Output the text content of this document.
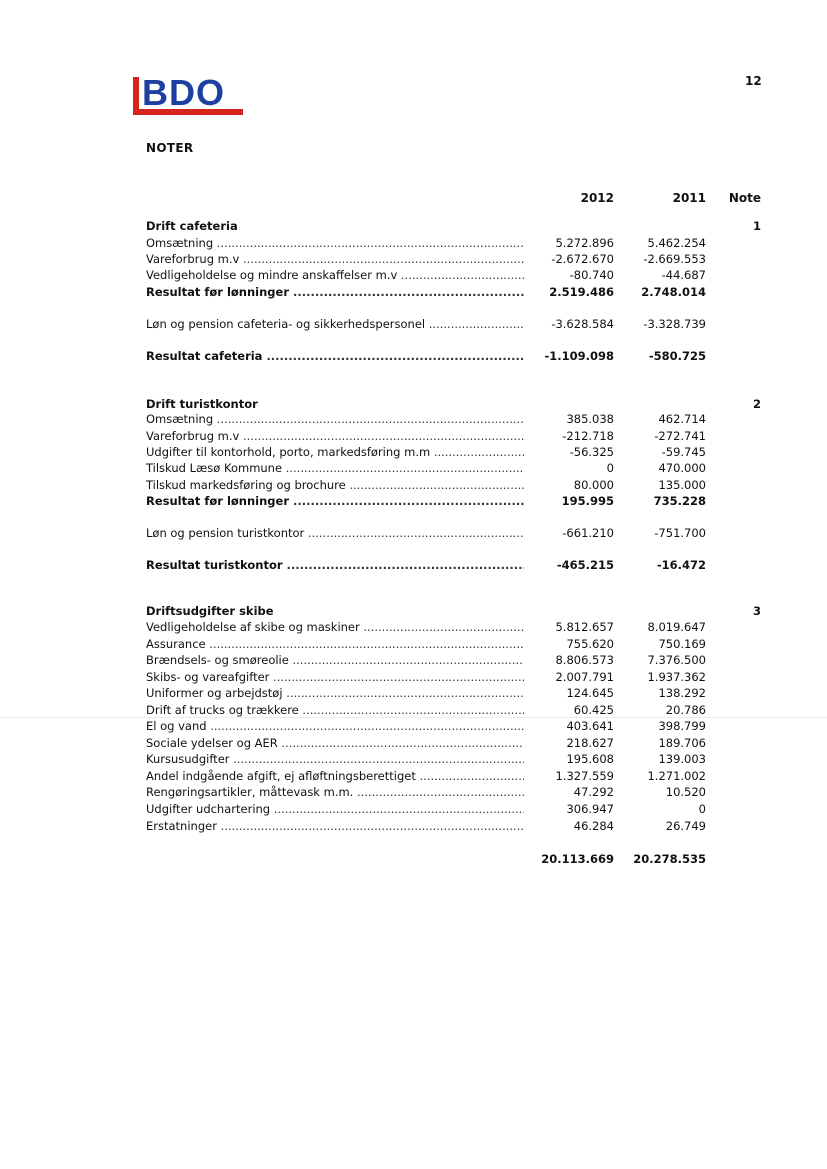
12
BDO
NOTER
2012	2011	Note
Drift cafeteria	1
Omsætning .....	5.272.896	5.462.254
Vareforbrug m.v .....	-2.672.670	-2.669.553
Vedligeholdelse og mindre anskaffelser m.v .....	-80.740	-44.687
Resultat før lønninger .....	2.519.486	2.748.014
Løn og pension cafeteria- og sikkerhedspersonel .....	-3.628.584	-3.328.739
Resultat cafeteria .....	-1.109.098	-580.725
Drift turistkontor	2
Omsætning .....	385.038	462.714
Vareforbrug m.v .....	-212.718	-272.741
Udgifter til kontorhold, porto, markedsføring m.m .....	-56.325	-59.745
Tilskud Læsø Kommune .....	0	470.000
Tilskud markedsføring og brochure .....	80.000	135.000
Resultat før lønninger .....	195.995	735.228
Løn og pension turistkontor .....	-661.210	-751.700
Resultat turistkontor .....	-465.215	-16.472
Driftsudgifter skibe	3
Vedligeholdelse af skibe og maskiner .....	5.812.657	8.019.647
Assurance .....	755.620	750.169
Brændsels- og smøreolie .....	8.806.573	7.376.500
Skibs- og vareafgifter .....	2.007.791	1.937.362
Uniformer og arbejdstøj .....	124.645	138.292
Drift af trucks og trækkere .....	60.425	20.786
El og vand .....	403.641	398.799
Sociale ydelser og AER .....	218.627	189.706
Kursusudgifter .....	195.608	139.003
Andel indgående afgift, ej afløftningsberettiget .....	1.327.559	1.271.002
Rengøringsartikler, måttevask m.m. .....	47.292	10.520
Udgifter udchartering .....	306.947	0
Erstatninger .....	46.284	26.749
20.113.669	20.278.535
